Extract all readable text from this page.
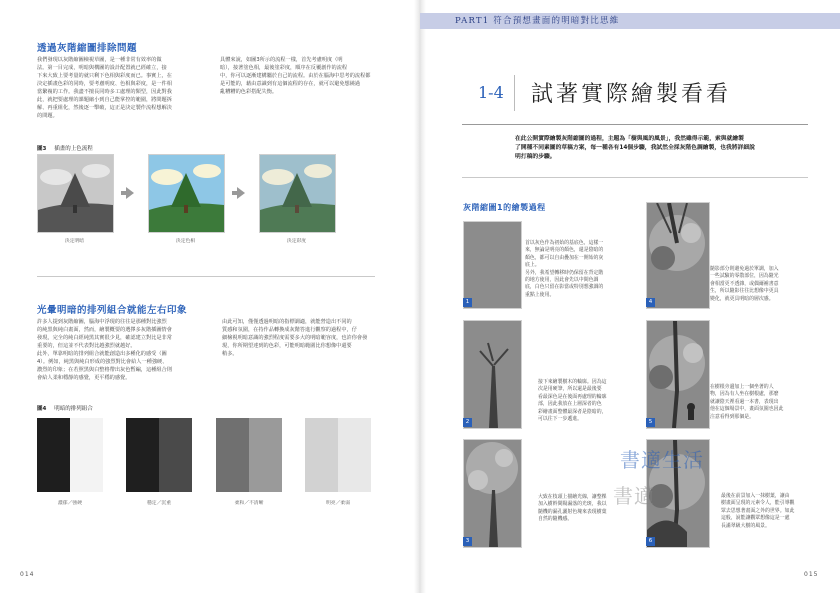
透過灰階縮圖排除問題
我們發現以灰階縮圖檢視草圖，是一種非常有效率的做
法。第一目完成，明暗與構圖的設計配置就已經確立，接
下來大致上要考量的就只剩下色相與彩度而已。事實上，在
決定插畫色彩的同時，要考慮明度、色相與彩度，是一件相
當繁複的工作。我盡不擅長同時多工處理的類型，因此對我
此，就把要處理的課題縮小到自己能掌控的範圍，將問題拆
解、再重組化，然後逐一擊破，這正是決定製作流程想解決
的問題。
具體來說，如圖3所示的流程一樣，首先考慮明度（明
暗），接著塗色相，最後塗彩度，順序在反覆創作的流程
中，你可以逐漸建構屬於自己的流程。由於在腦海中思考的流程都
是可能的，藉由意識到有這個流程的存在，就可以避免想繞過
亂糟糟的色彩搭配失衡。
圖3 插畫的上色流程
決定明暗	決定色相	決定彩度
光暈明暗的排列組合就能左右印象
許多人提到灰階縮圖，腦海中浮現的往往是那種對比強烈
的純黑與純白畫面，然而，繪製概要的選擇多灰階插圖情會
發現，完全的純白經純黑其實很少見，確認建立對比是非常
重要的，但這並不代表對比越強烈就越好。
此外，單靠明暗的排列組合就能創造出多種化的感受（圖
4）。例如，純黑與純白形成的強烈對比會給人一種強硬、
濃烈的印象；在若照黑與白整格帶出灰色暫編，這種組合則
會給人柔和穩靜的感覺，更平穩的感覺。
由此可知，僅僅透過明暗的指標調適，就能營造出不同的
質感和氛圍，在持作品轉換成灰階答進行觀察的過程中，仔
細檢視明暗意識的強烈程度需要多大的明暗範容度，也許你會發
現，你所期望達到的色彩，可能明暗範圍比你想像中還要
稍多。
圖4 明暗的排列組合
濃郁／強硬	穩定／沉重	柔和／不清晰	明亮／柔弱
014
PART1 符合預想畫面的明暗對比思維
1-4 試著實際繪製看看
在此公開實際繪製灰階縮圖的過程，主題為「樹與風的風景」，我然雖得示範，索與就繪製
了開種不同素圖的草稿方案，每一種各有14個步驟，我試然全採灰階色調繪製，也我將詳細說
明打稿的步驟。
灰階縮圖1的繪製過程
1
首以灰色作為初始的基底色，這樣一
來，無論是明亮的顏色，還是陰暗的
顏色，都可以自由疊加在一開始的灰
底上。
另外，我希望轉移時仍保留在背定階
的地方使用，因此會先以中間色調
底，白色只留在影當或特別想強調的
重點上使用。
2
接下來繪製樹木的輪廓。因為這
次是用硬筆，所以還是最後要
看最深色是在後面再處理的輪廓
部，因此我放在上層深者的色
彩繪畫面整體最深者是陰暗的，
可以往下一步遞進。
3
大致在枝頭上描繪光線，讓整棵
加入樹幹間陽漏落的光斑，我以
隨機的漏孔灑射色塊來表現樹葉
自然的隨機感。
4
隨影部分則避免過於單調，加入
一些試驗的零散部位，因為隨光
會相當更不透雜，或偶爾補書意
生，所以隨影往往比想像中更具
變化，就更具明暗的層次感。
5
在樹根旁邊加上一個坐著的人
物，因為有人坐在樹根處，那麼
就讓陰天裡看過一本書，表現出
他在這個場景中，畫面氛圍也因此
注意看得到那個是。
6
最後在前景加入一抹樹葉，讓由
樹畫面呈現的元素令人，能引導觀
眾去思想著畫面之外的世界。如此
這般，說能讓觀眾想像這是一處
長滿翠級大樹的風景。
書適生活
書適
015
